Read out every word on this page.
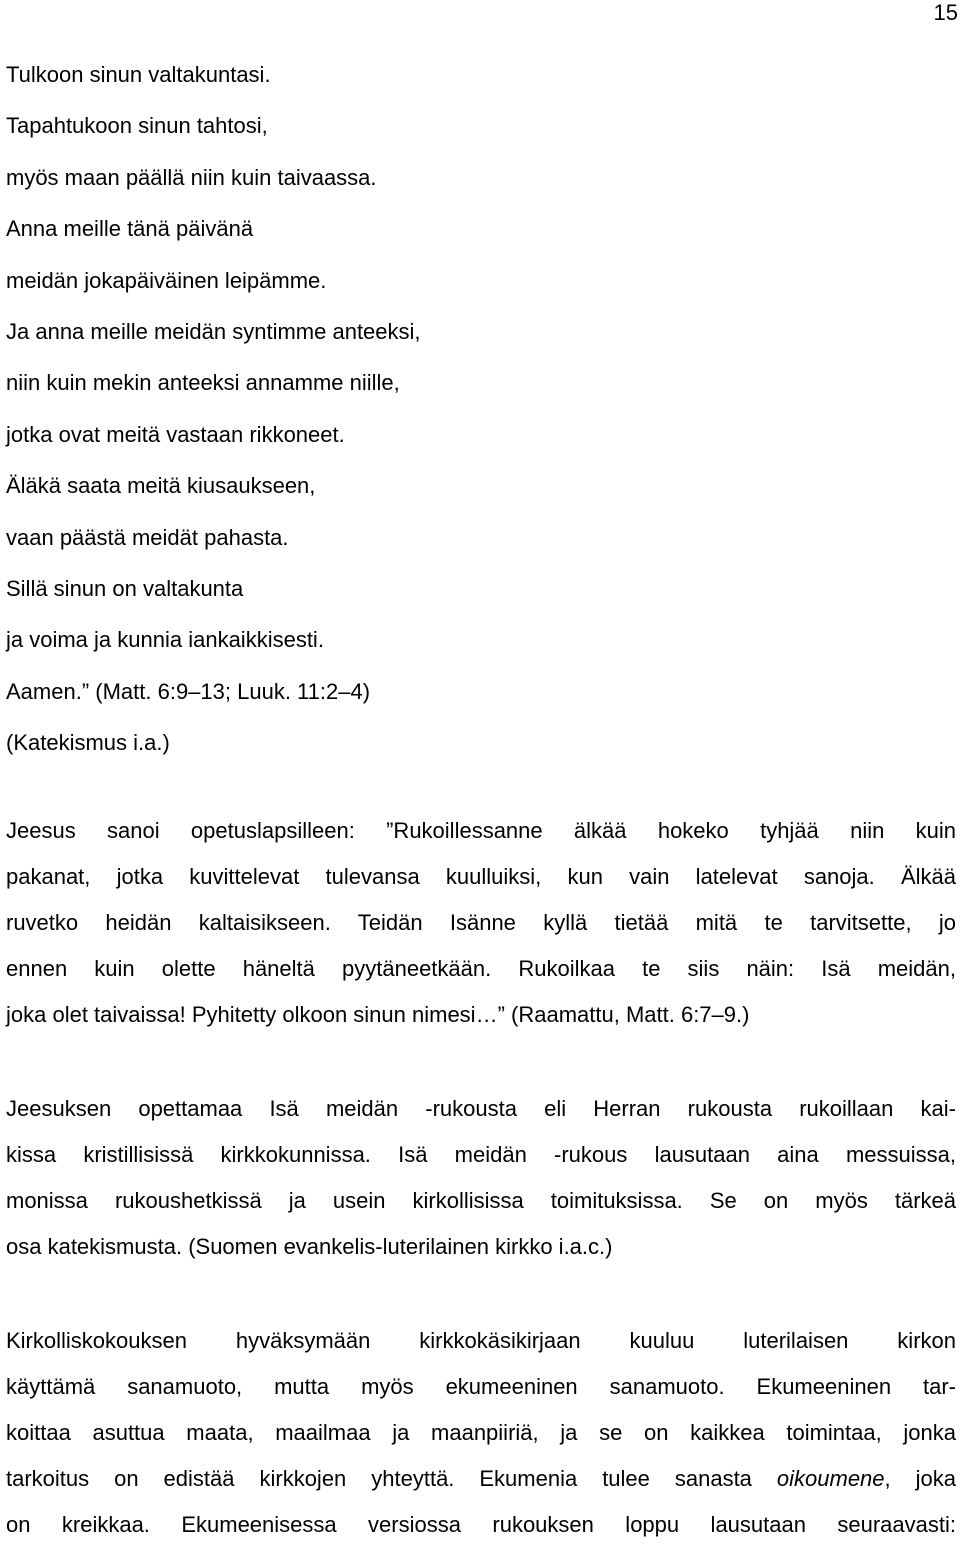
15
Tulkoon sinun valtakuntasi.
Tapahtukoon sinun tahtosi,
myös maan päällä niin kuin taivaassa.
Anna meille tänä päivänä
meidän jokapäiväinen leipämme.
Ja anna meille meidän syntimme anteeksi,
niin kuin mekin anteeksi annamme niille,
jotka ovat meitä vastaan rikkoneet.
Äläkä saata meitä kiusaukseen,
vaan päästä meidät pahasta.
Sillä sinun on valtakunta
ja voima ja kunnia iankaikkisesti.
Aamen.” (Matt. 6:9‒13; Luuk. 11:2‒4)
(Katekismus i.a.)
Jeesus sanoi opetuslapsilleen: ”Rukoillessanne älkää hokeko tyhjää niin kuin
pakanat, jotka kuvittelevat tulevansa kuulluiksi, kun vain latelevat sanoja. Älkää
ruvetko heidän kaltaisikseen. Teidän Isänne kyllä tietää mitä te tarvitsette, jo
ennen kuin olette häneltä pyytäneetkään. Rukoilkaa te siis näin: Isä meidän,
joka olet taivaissa! Pyhitetty olkoon sinun nimesi…” (Raamattu, Matt. 6:7‒9.)
Jeesuksen opettamaa Isä meidän -rukousta eli Herran rukousta rukoillaan kai-
kissa kristillisissä kirkkokunnissa. Isä meidän -rukous lausutaan aina messuissa,
monissa rukoushetkissä ja usein kirkollisissa toimituksissa. Se on myös tärkeä
osa katekismusta. (Suomen evankelis-luterilainen kirkko i.a.c.)
Kirkolliskokouksen hyväksymään kirkkokäsikirjaan kuuluu luterilaisen kirkon
käyttämä sanamuoto, mutta myös ekumeeninen sanamuoto. Ekumeeninen tar-
koittaa asuttua maata, maailmaa ja maanpiiriä, ja se on kaikkea toimintaa, jonka
tarkoitus on edistää kirkkojen yhteyttä. Ekumenia tulee sanasta oikoumene, joka
on kreikkaa. Ekumeenisessa versiossa rukouksen loppu lausutaan seuraavasti:
